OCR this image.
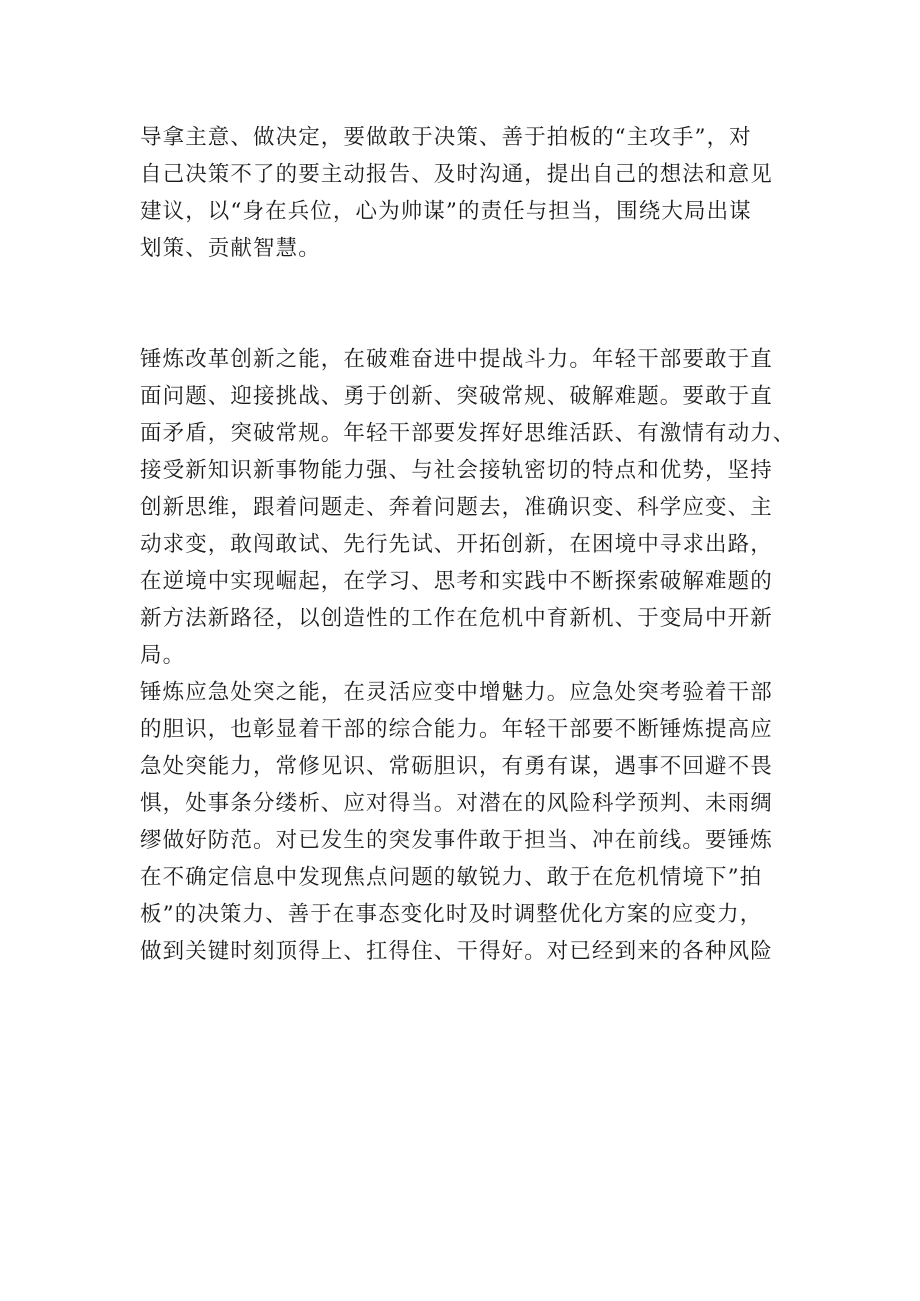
导拿主意、做决定，要做敢于决策、善于拍板的“主攻手”，对
自己决策不了的要主动报告、及时沟通，提出自己的想法和意见
建议，以“身在兵位，心为帅谋”的责任与担当，围绕大局出谋
划策、贡献智慧。
锤炼改革创新之能，在破难奋进中提战斗力。年轻干部要敢于直
面问题、迎接挑战、勇于创新、突破常规、破解难题。要敢于直
面矛盾，突破常规。年轻干部要发挥好思维活跃、有激情有动力、
接受新知识新事物能力强、与社会接轨密切的特点和优势，坚持
创新思维，跟着问题走、奔着问题去，准确识变、科学应变、主
动求变，敢闯敢试、先行先试、开拓创新，在困境中寻求出路，
在逆境中实现崛起，在学习、思考和实践中不断探索破解难题的
新方法新路径，以创造性的工作在危机中育新机、于变局中开新
局。
锤炼应急处突之能，在灵活应变中增魅力。应急处突考验着干部
的胆识，也彰显着干部的综合能力。年轻干部要不断锤炼提高应
急处突能力，常修见识、常砺胆识，有勇有谋，遇事不回避不畏
惧，处事条分缕析、应对得当。对潜在的风险科学预判、未雨绸
缪做好防范。对已发生的突发事件敢于担当、冲在前线。要锤炼
在不确定信息中发现焦点问题的敏锐力、敢于在危机情境下”拍
板”的决策力、善于在事态变化时及时调整优化方案的应变力，
做到关键时刻顶得上、扛得住、干得好。对已经到来的各种风险
